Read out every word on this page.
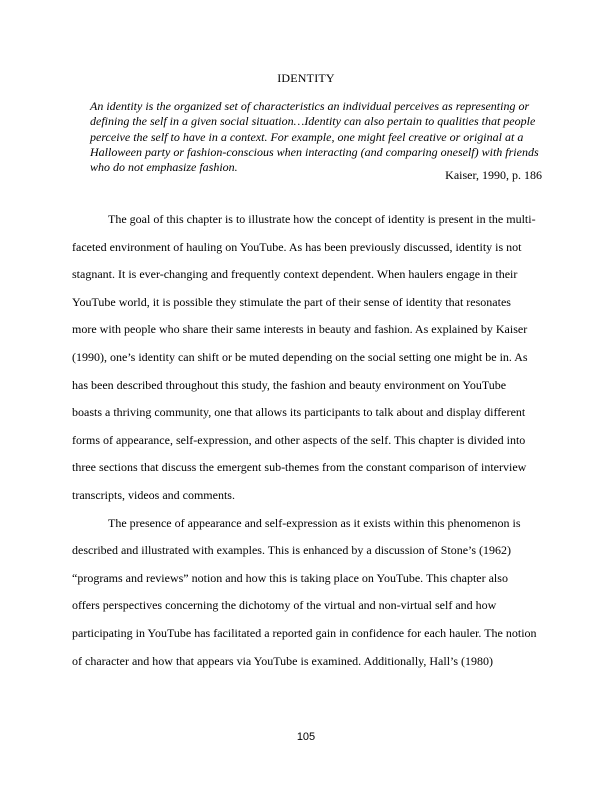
IDENTITY
An identity is the organized set of characteristics an individual perceives as representing or
defining the self in a given social situation…Identity can also pertain to qualities that people
perceive the self to have in a context. For example, one might feel creative or original at a
Halloween party or fashion-conscious when interacting (and comparing oneself) with friends
who do not emphasize fashion.
Kaiser, 1990, p. 186
The goal of this chapter is to illustrate how the concept of identity is present in the multi-
faceted environment of hauling on YouTube. As has been previously discussed, identity is not
stagnant. It is ever-changing and frequently context dependent. When haulers engage in their
YouTube world, it is possible they stimulate the part of their sense of identity that resonates
more with people who share their same interests in beauty and fashion. As explained by Kaiser
(1990), one’s identity can shift or be muted depending on the social setting one might be in. As
has been described throughout this study, the fashion and beauty environment on YouTube
boasts a thriving community, one that allows its participants to talk about and display different
forms of appearance, self-expression, and other aspects of the self. This chapter is divided into
three sections that discuss the emergent sub-themes from the constant comparison of interview
transcripts, videos and comments.
The presence of appearance and self-expression as it exists within this phenomenon is
described and illustrated with examples. This is enhanced by a discussion of Stone’s (1962)
“programs and reviews” notion and how this is taking place on YouTube. This chapter also
offers perspectives concerning the dichotomy of the virtual and non-virtual self and how
participating in YouTube has facilitated a reported gain in confidence for each hauler. The notion
of character and how that appears via YouTube is examined. Additionally, Hall’s (1980)
105
